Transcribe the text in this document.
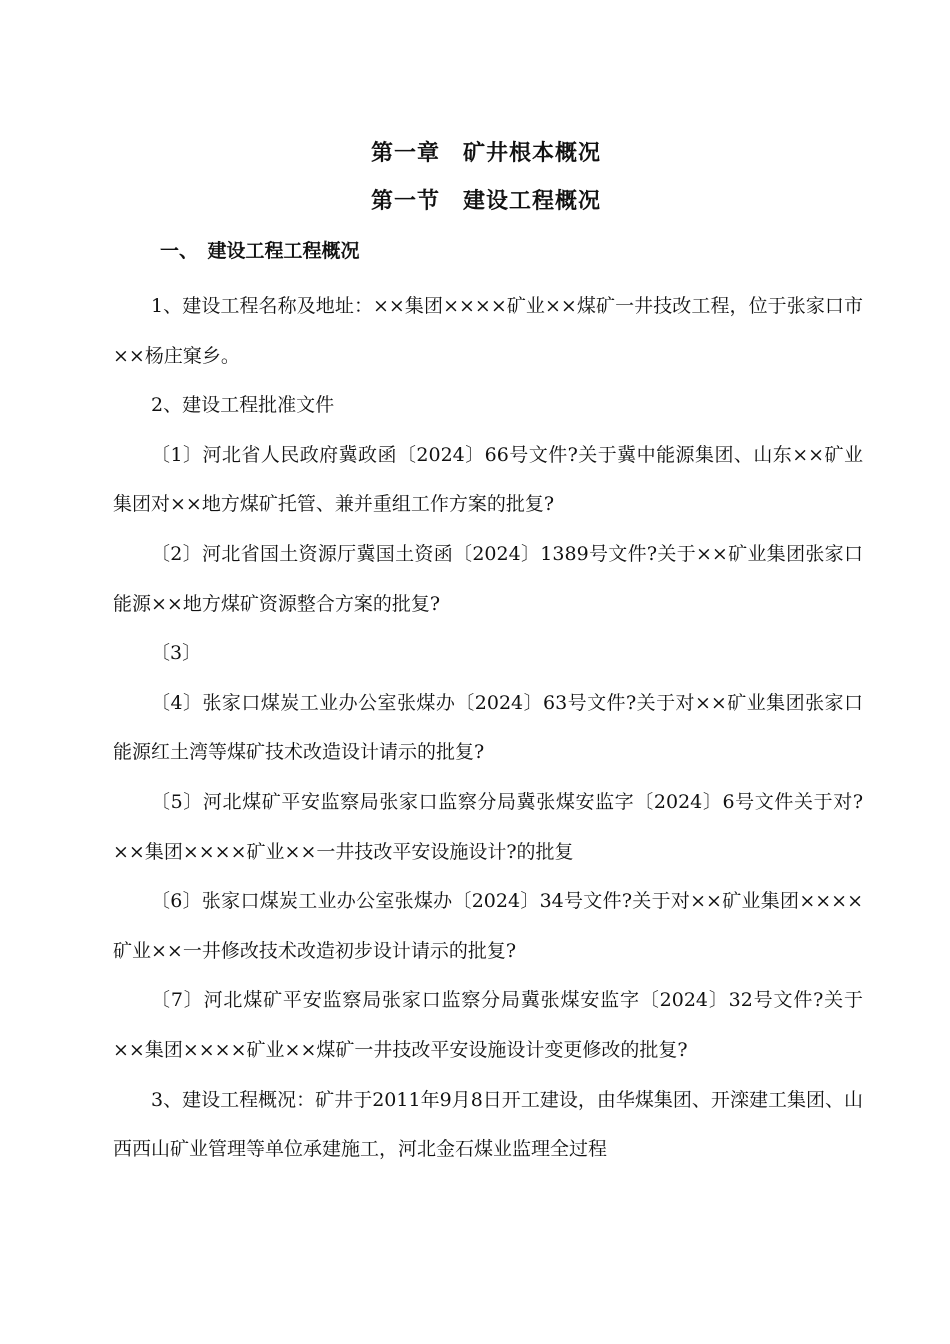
第一章　矿井根本概况
第一节　建设工程概况
一、　建设工程工程概况

1、建设工程名称及地址：××集团××××矿业××煤矿一井技改工程，位于张家口市××杨庄窠乡。

2、建设工程批准文件

〔1〕河北省人民政府冀政函〔2024〕66号文件?关于冀中能源集团、山东××矿业集团对××地方煤矿托管、兼并重组工作方案的批复?

〔2〕河北省国土资源厅冀国土资函〔2024〕1389号文件?关于××矿业集团张家口能源××地方煤矿资源整合方案的批复?

〔3〕

〔4〕张家口煤炭工业办公室张煤办〔2024〕63号文件?关于对××矿业集团张家口能源红土湾等煤矿技术改造设计请示的批复?

〔5〕河北煤矿平安监察局张家口监察分局冀张煤安监字〔2024〕6号文件关于对?××集团××××矿业××一井技改平安设施设计?的批复

〔6〕张家口煤炭工业办公室张煤办〔2024〕34号文件?关于对××矿业集团××××矿业××一井修改技术改造初步设计请示的批复?

〔7〕河北煤矿平安监察局张家口监察分局冀张煤安监字〔2024〕32号文件?关于××集团××××矿业××煤矿一井技改平安设施设计变更修改的批复?

3、建设工程概况：矿井于2011年9月8日开工建设，由华煤集团、开滦建工集团、山西西山矿业管理等单位承建施工，河北金石煤业监理全过程
